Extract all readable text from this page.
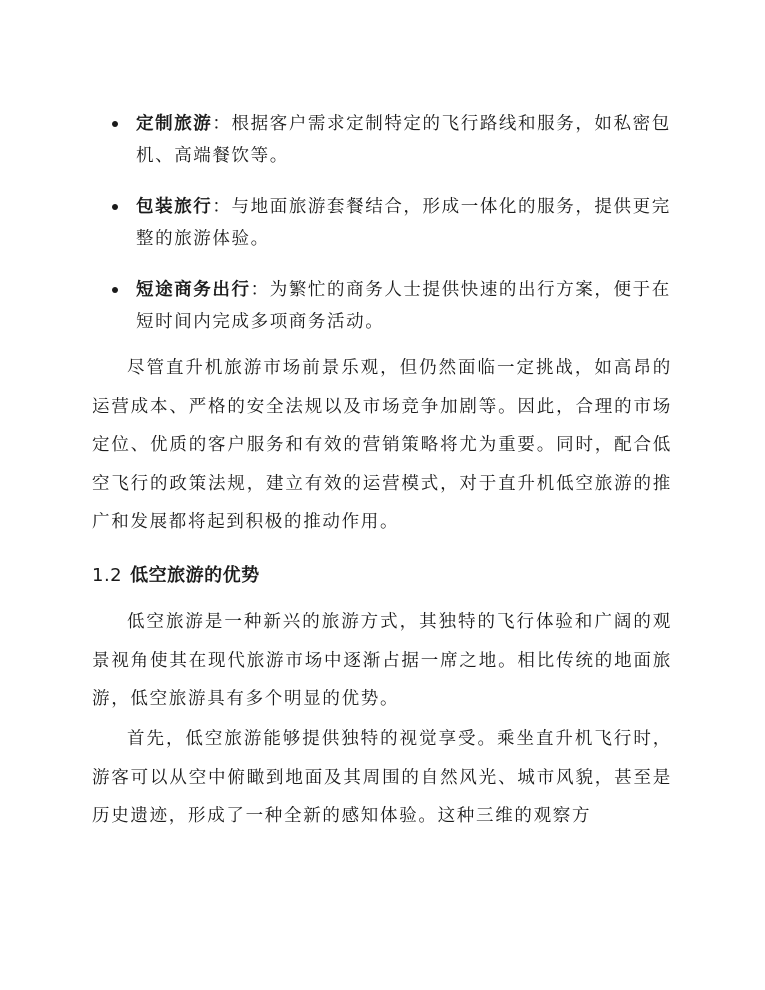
定制旅游：根据客户需求定制特定的飞行路线和服务，如私密包机、高端餐饮等。
包装旅行：与地面旅游套餐结合，形成一体化的服务，提供更完整的旅游体验。
短途商务出行：为繁忙的商务人士提供快速的出行方案，便于在短时间内完成多项商务活动。

尽管直升机旅游市场前景乐观，但仍然面临一定挑战，如高昂的运营成本、严格的安全法规以及市场竞争加剧等。因此，合理的市场定位、优质的客户服务和有效的营销策略将尤为重要。同时，配合低空飞行的政策法规，建立有效的运营模式，对于直升机低空旅游的推广和发展都将起到积极的推动作用。

1.2 低空旅游的优势

低空旅游是一种新兴的旅游方式，其独特的飞行体验和广阔的观景视角使其在现代旅游市场中逐渐占据一席之地。相比传统的地面旅游，低空旅游具有多个明显的优势。

首先，低空旅游能够提供独特的视觉享受。乘坐直升机飞行时，游客可以从空中俯瞰到地面及其周围的自然风光、城市风貌，甚至是历史遗迹，形成了一种全新的感知体验。这种三维的观察方
